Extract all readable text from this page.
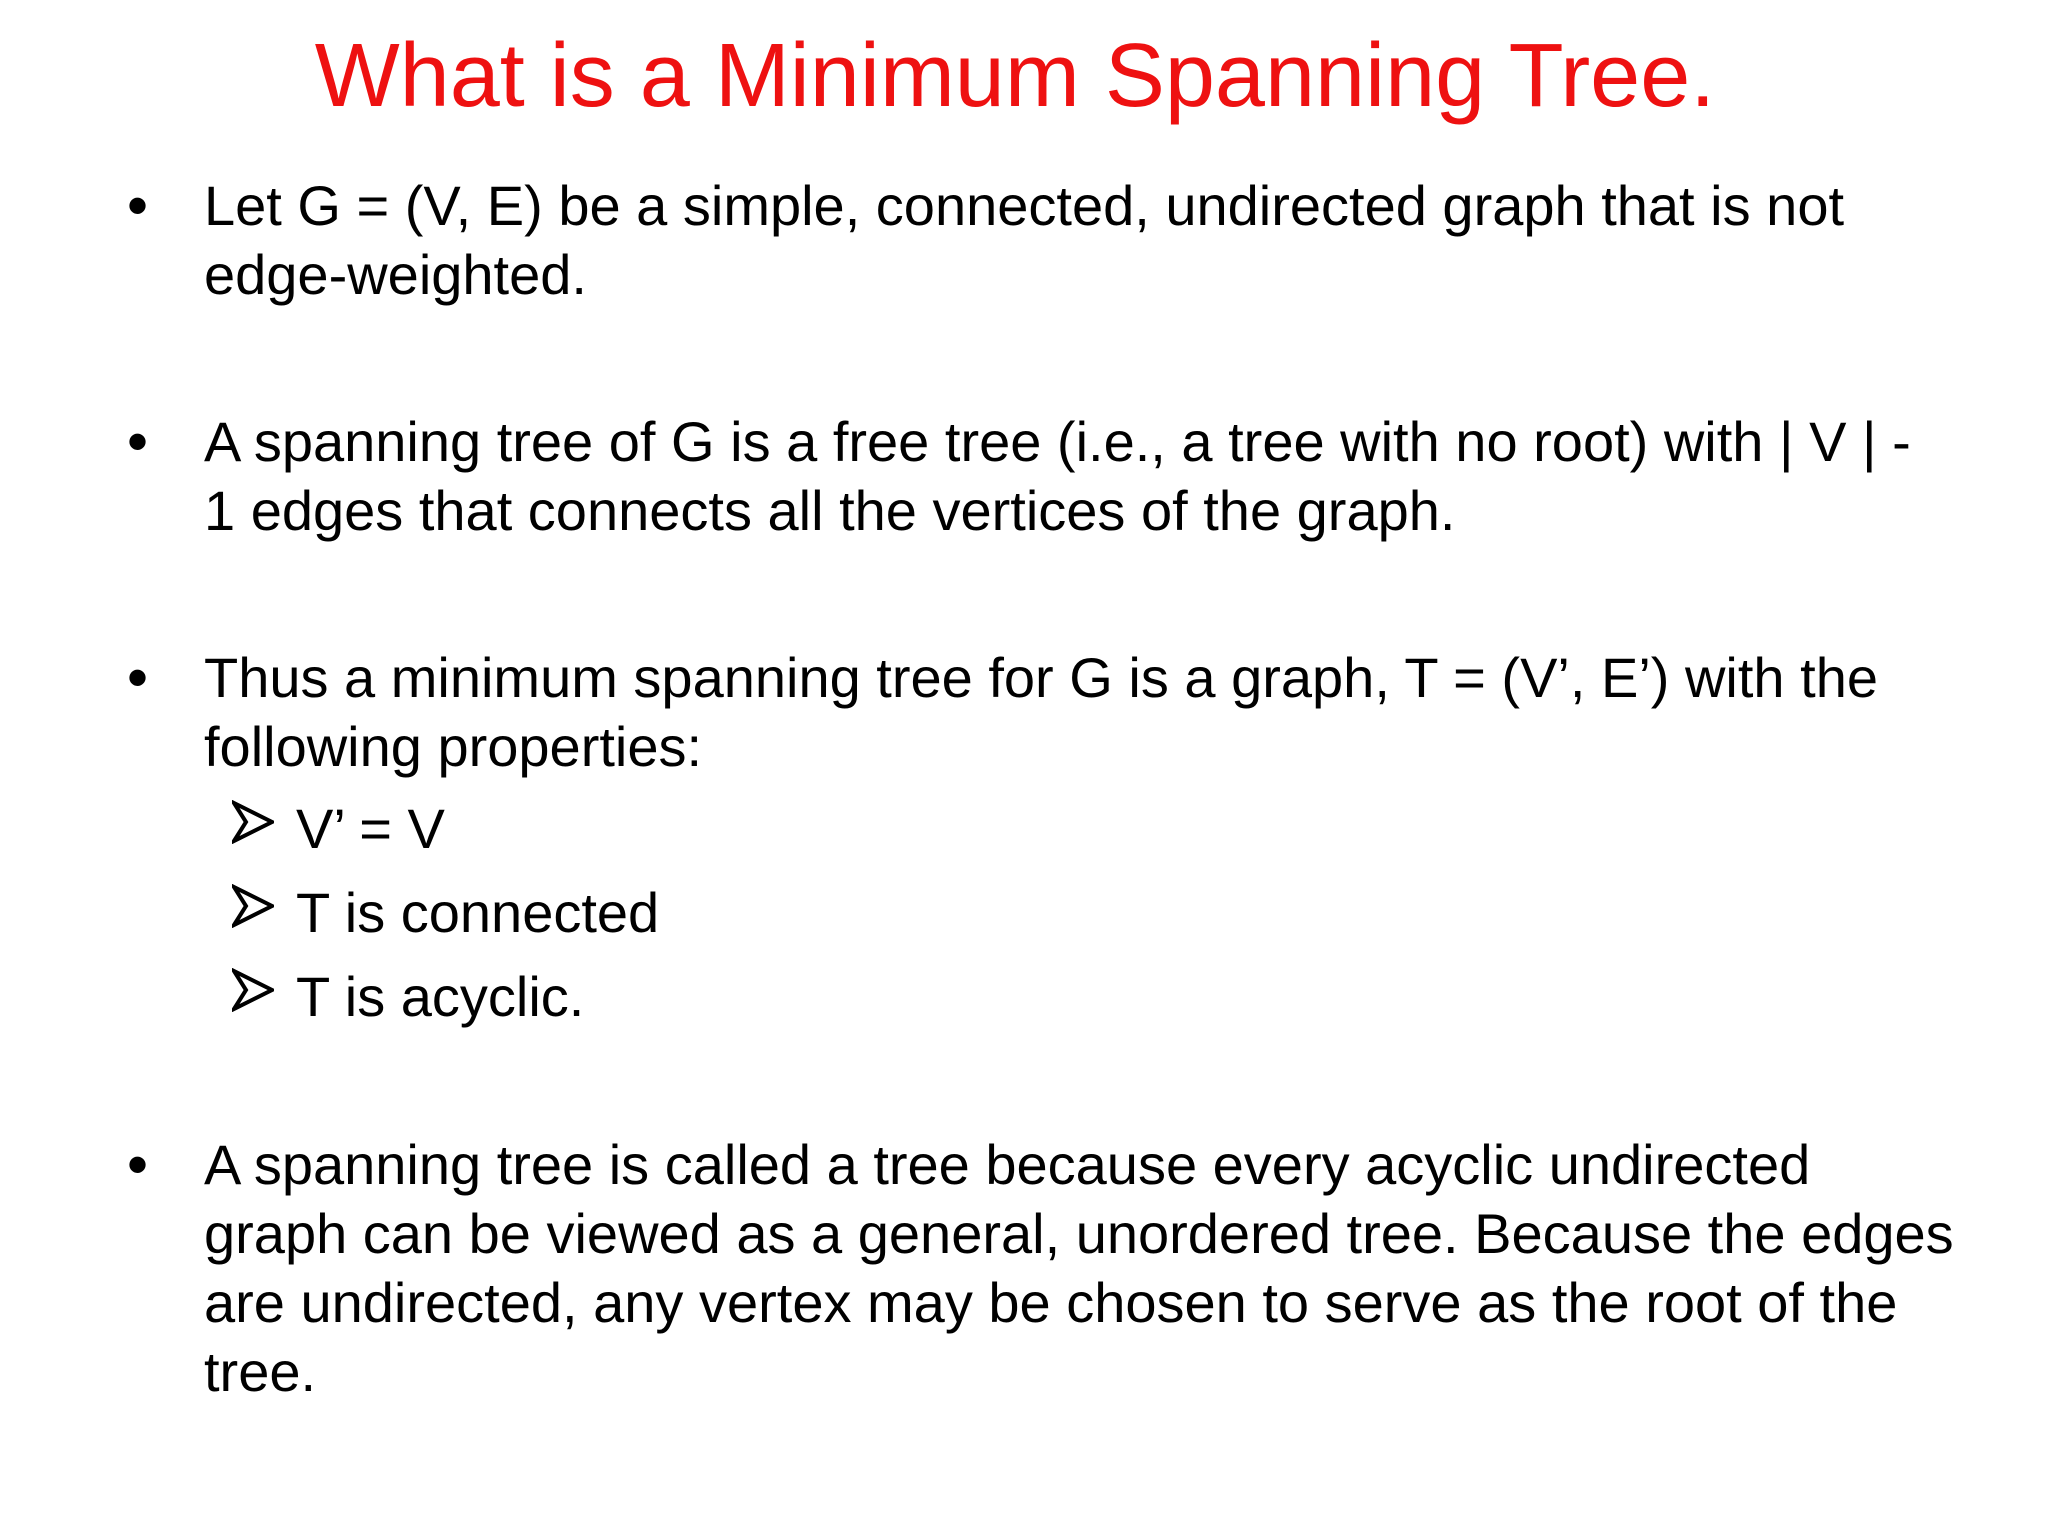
What is a Minimum Spanning Tree.
• Let G = (V, E) be a simple, connected, undirected graph that is not
edge-weighted.
• A spanning tree of G is a free tree (i.e., a tree with no root) with | V | -
1 edges that connects all the vertices of the graph.
• Thus a minimum spanning tree for G is a graph, T = (V’, E’) with the
following properties:
V’ = V
T is connected
T is acyclic.
• A spanning tree is called a tree because every acyclic undirected
graph can be viewed as a general, unordered tree. Because the edges
are undirected, any vertex may be chosen to serve as the root of the
tree.
